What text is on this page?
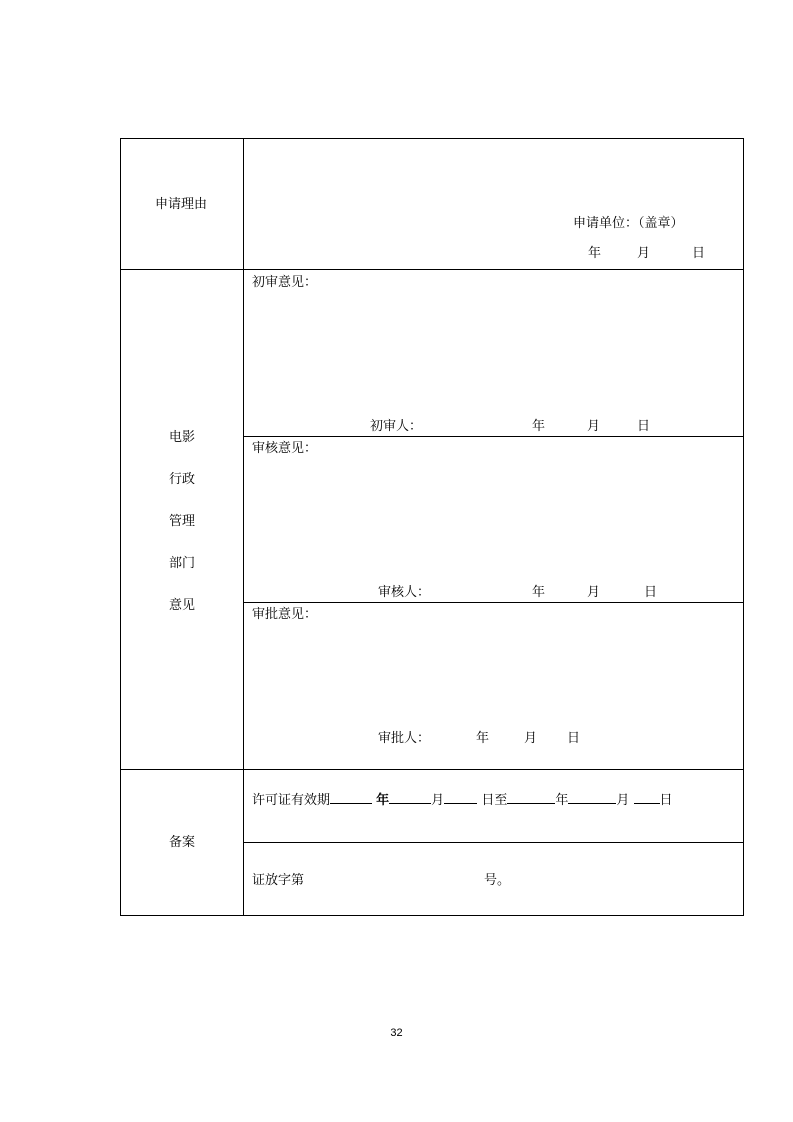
申请理由
申请单位：（盖章）
年	月	日
电影
行政
管理
部门
意见
初审意见：
初审人：	年	月	日
审核意见：
审核人：	年	月	日
审批意见：
审批人：	年	月 日
备案
许可证有效期	年	月	日至	年	月 日
证放字第	号。
32
